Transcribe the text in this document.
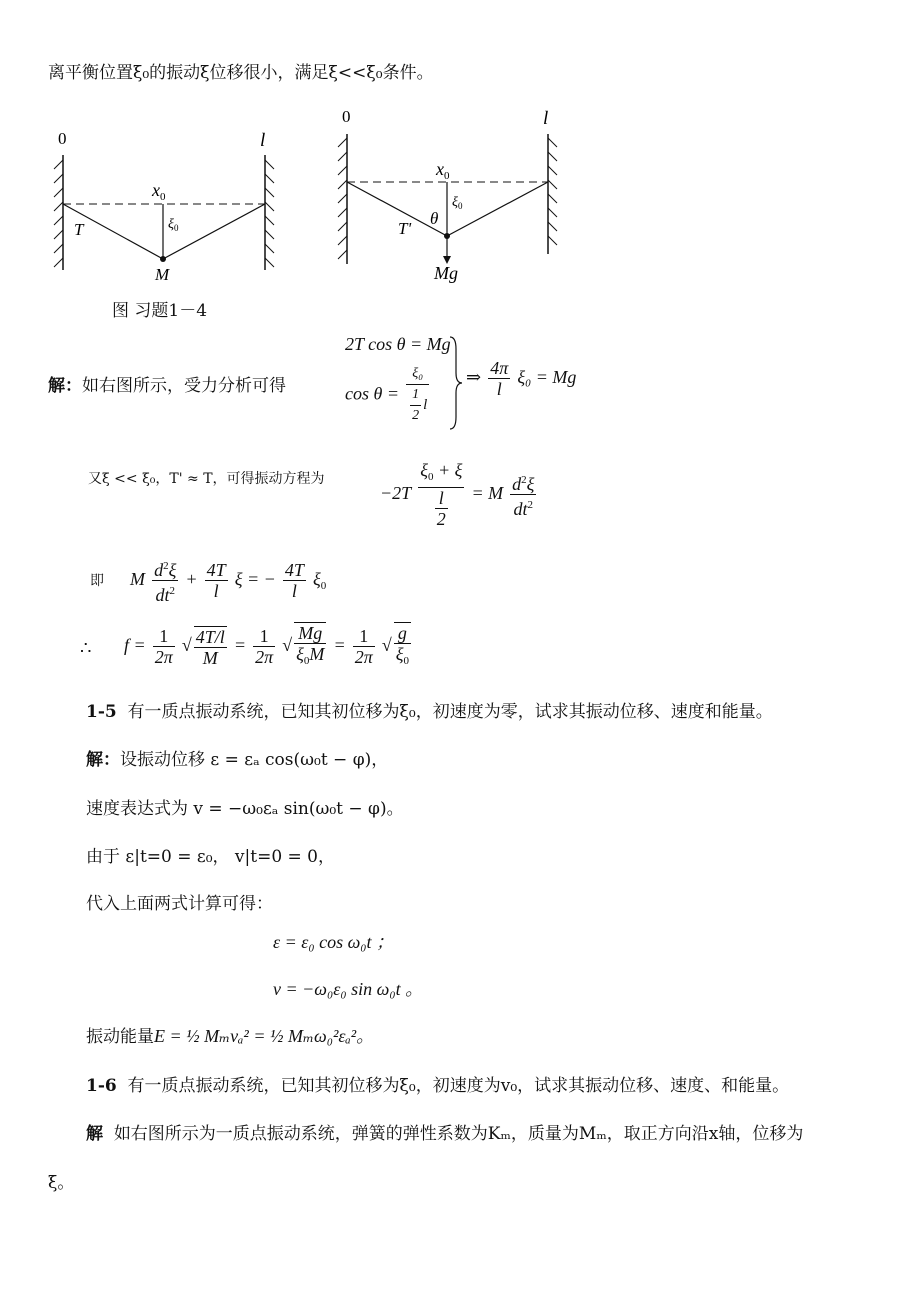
离平衡位置ξ₀的振动ξ位移很小，满足ξ<<ξ₀条件。
0	l
$x_0$
$\xi_0$
T
M
图 习题1－4
0	l
$x_0$
$\xi_0$
θ
T'
Mg
解：如右图所示，受力分析可得
2T cos θ = Mg
$\cos \theta = \frac{\text{ξ₀}}{\frac{1}{2} l}$ ⇒ $\frac{4\pi}{l} \xi_0 = Mg$
又ξ << ξ₀，T' ≈ T，可得振动方程为
$-2T \frac{\xi_0 + \xi}{\frac{l}{2}} = M \frac{d^2\xi}{dt^2}$
即 M $\frac{d^2\xi}{dt^2} + \frac{4T}{l}$ ξ = − $\frac{4T}{l} \xi_0$
∴ $f = \frac{1}{2\pi}$ √ $\frac{4T/l}{M} = \frac{1}{2\pi}$ √ $\frac{Mg}{\xi_0M} = \frac{1}{2\pi}$ √ $\frac{g}{\xi_0}$
1-5 有一质点振动系统，已知其初位移为ξ₀，初速度为零，试求其振动位移、速度和能量。
解：设振动位移 ε = εₐ cos(ω₀t − φ)，
速度表达式为 v = −ω₀εₐ sin(ω₀t − φ)。
由于 ε|t=0 = ε₀， v|t=0 = 0，
代入上面两式计算可得：
ε = ε₀ cos ω₀t ；
v = −ω₀ε₀ sin ω₀t 。
振动能量E = ½ Mₘvₐ² = ½ Mₘω₀²εₐ²。
1-6 有一质点振动系统，已知其初位移为ξ₀，初速度为v₀，试求其振动位移、速度、和能量。
解 如右图所示为一质点振动系统，弹簧的弹性系数为Kₘ，质量为Mₘ，取正方向沿x轴，位移为
ξ。
